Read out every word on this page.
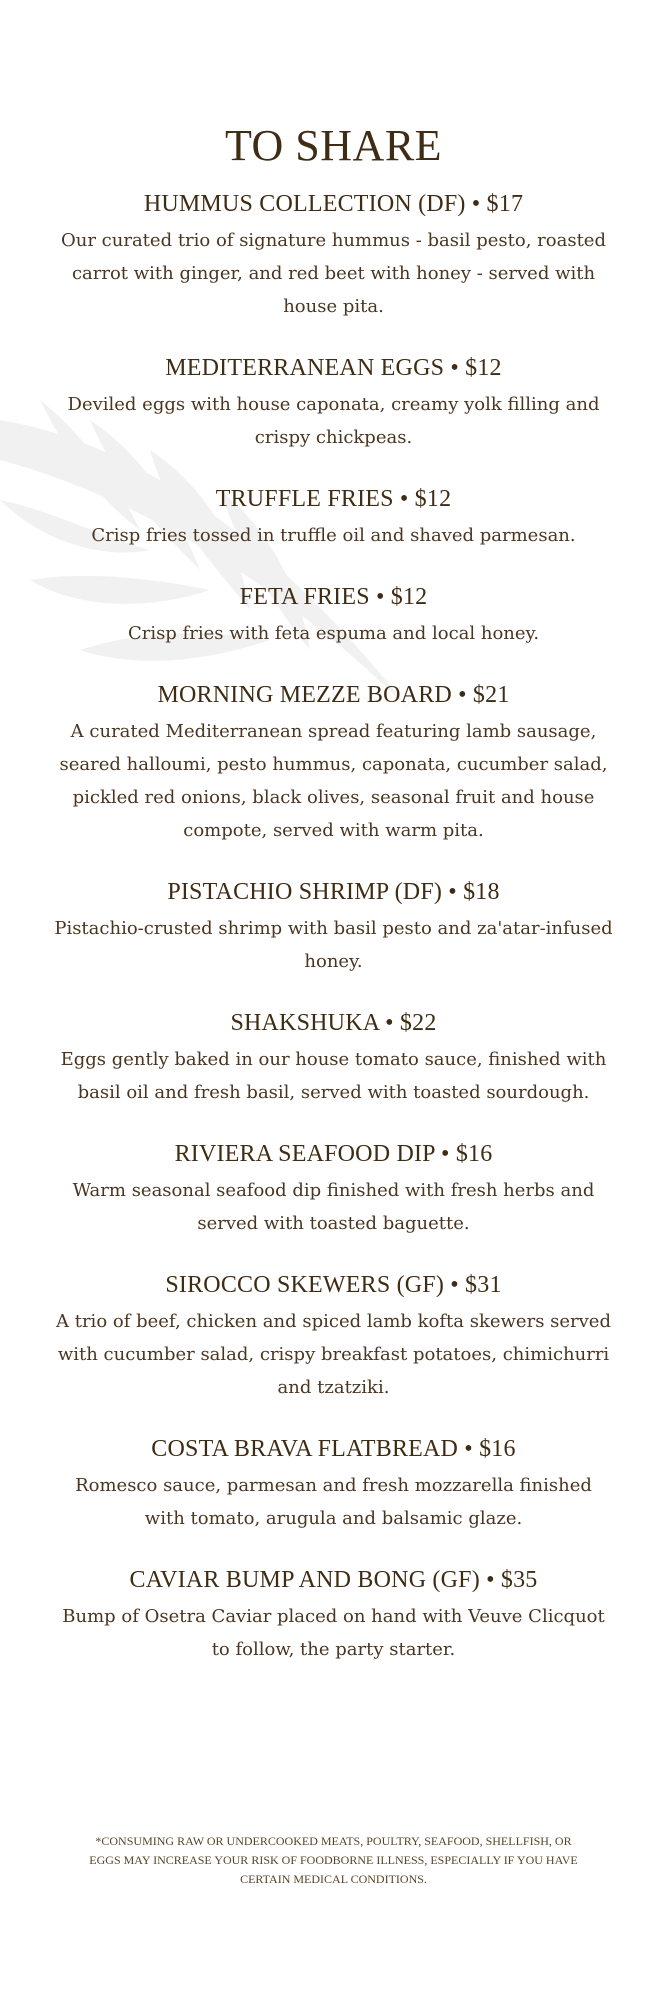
TO SHARE
HUMMUS COLLECTION (DF) • $17

Our curated trio of signature hummus - basil pesto, roasted carrot with ginger, and red beet with honey - served with house pita.

MEDITERRANEAN EGGS • $12

Deviled eggs with house caponata, creamy yolk filling and crispy chickpeas.

TRUFFLE FRIES • $12

Crisp fries tossed in truffle oil and shaved parmesan.

FETA FRIES • $12

Crisp fries with feta espuma and local honey.

MORNING MEZZE BOARD • $21

A curated Mediterranean spread featuring lamb sausage, seared halloumi, pesto hummus, caponata, cucumber salad, pickled red onions, black olives, seasonal fruit and house compote, served with warm pita.

PISTACHIO SHRIMP (DF) • $18

Pistachio-crusted shrimp with basil pesto and za'atar-infused honey.

SHAKSHUKA • $22

Eggs gently baked in our house tomato sauce, finished with basil oil and fresh basil, served with toasted sourdough.

RIVIERA SEAFOOD DIP • $16

Warm seasonal seafood dip finished with fresh herbs and served with toasted baguette.

SIROCCO SKEWERS (GF) • $31

A trio of beef, chicken and spiced lamb kofta skewers served with cucumber salad, crispy breakfast potatoes, chimichurri and tzatziki.

COSTA BRAVA FLATBREAD • $16

Romesco sauce, parmesan and fresh mozzarella finished with tomato, arugula and balsamic glaze.

CAVIAR BUMP AND BONG (GF) • $35

Bump of Osetra Caviar placed on hand with Veuve Clicquot to follow, the party starter.

*CONSUMING RAW OR UNDERCOOKED MEATS, POULTRY, SEAFOOD, SHELLFISH, OR EGGS MAY INCREASE YOUR RISK OF FOODBORNE ILLNESS, ESPECIALLY IF YOU HAVE CERTAIN MEDICAL CONDITIONS.
